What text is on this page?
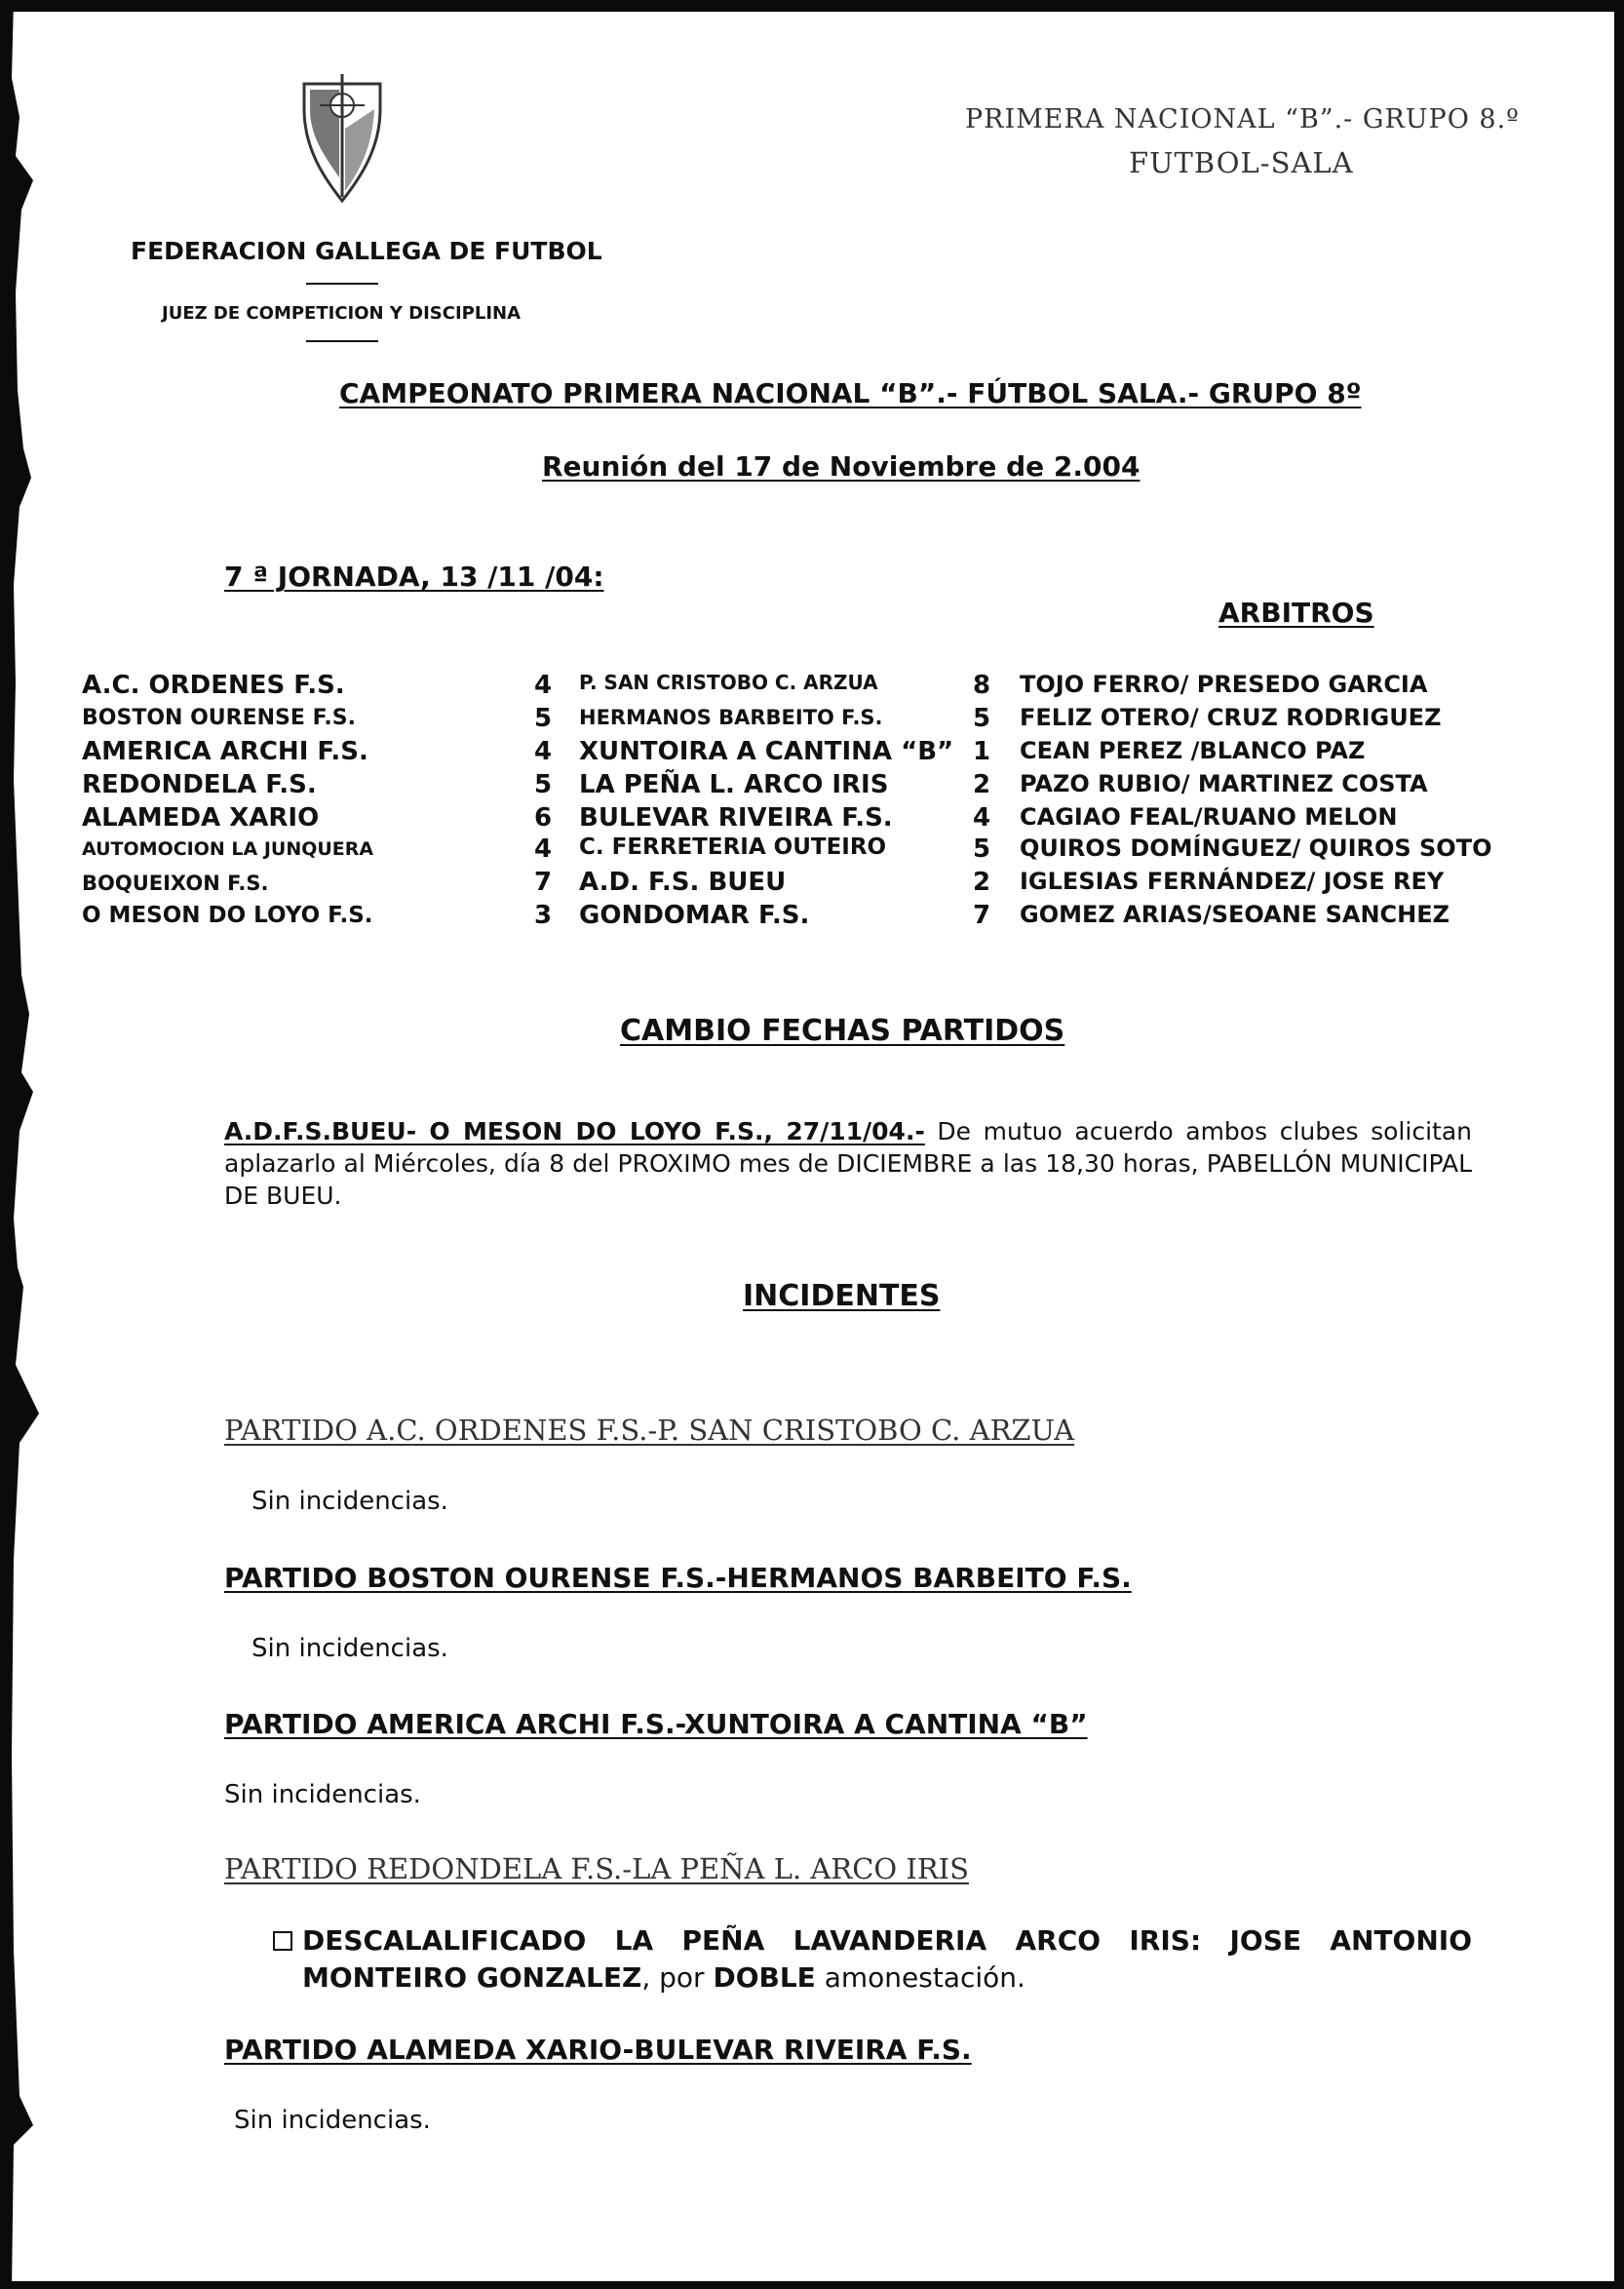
FEDERACION GALLEGA DE FUTBOL
JUEZ DE COMPETICION Y DISCIPLINA
PRIMERA NACIONAL “B”.- GRUPO 8.º
FUTBOL-SALA
CAMPEONATO PRIMERA NACIONAL “B”.- FÚTBOL SALA.- GRUPO 8º
Reunión del 17 de Noviembre de 2.004
7 ª JORNADA, 13 /11 /04:
ARBITROS
A.C. ORDENES F.S.	4 P. SAN CRISTOBO C. ARZUA	8 TOJO FERRO/ PRESEDO GARCIA
BOSTON OURENSE F.S.	5 HERMANOS BARBEITO F.S.	5 FELIZ OTERO/ CRUZ RODRIGUEZ
AMERICA ARCHI F.S.	4 XUNTOIRA A CANTINA “B” 1 CEAN PEREZ /BLANCO PAZ
REDONDELA F.S.	5 LA PEÑA L. ARCO IRIS	2 PAZO RUBIO/ MARTINEZ COSTA
ALAMEDA XARIO	6 BULEVAR RIVEIRA F.S.	4 CAGIAO FEAL/RUANO MELON
AUTOMOCION LA JUNQUERA	4 C. FERRETERIA OUTEIRO	5 QUIROS DOMÍNGUEZ/ QUIROS SOTO
BOQUEIXON F.S.	7 A.D. F.S. BUEU	2 IGLESIAS FERNÁNDEZ/ JOSE REY
O MESON DO LOYO F.S.	3 GONDOMAR F.S.	7 GOMEZ ARIAS/SEOANE SANCHEZ
CAMBIO FECHAS PARTIDOS
A.D.F.S.BUEU- O MESON DO LOYO F.S., 27/11/04.- De mutuo acuerdo ambos clubes solicitan aplazarlo al Miércoles, día 8 del PROXIMO mes de DICIEMBRE a las 18,30 horas, PABELLÓN MUNICIPAL DE BUEU.
INCIDENTES
PARTIDO A.C. ORDENES F.S.-P. SAN CRISTOBO C. ARZUA
Sin incidencias.
PARTIDO BOSTON OURENSE F.S.-HERMANOS BARBEITO F.S.
Sin incidencias.
PARTIDO AMERICA ARCHI F.S.-XUNTOIRA A CANTINA “B”
Sin incidencias.
PARTIDO REDONDELA F.S.-LA PEÑA L. ARCO IRIS
DESCALALIFICADO LA PEÑA LAVANDERIA ARCO IRIS: JOSE ANTONIO MONTEIRO GONZALEZ, por DOBLE amonestación.
PARTIDO ALAMEDA XARIO-BULEVAR RIVEIRA F.S.
Sin incidencias.
